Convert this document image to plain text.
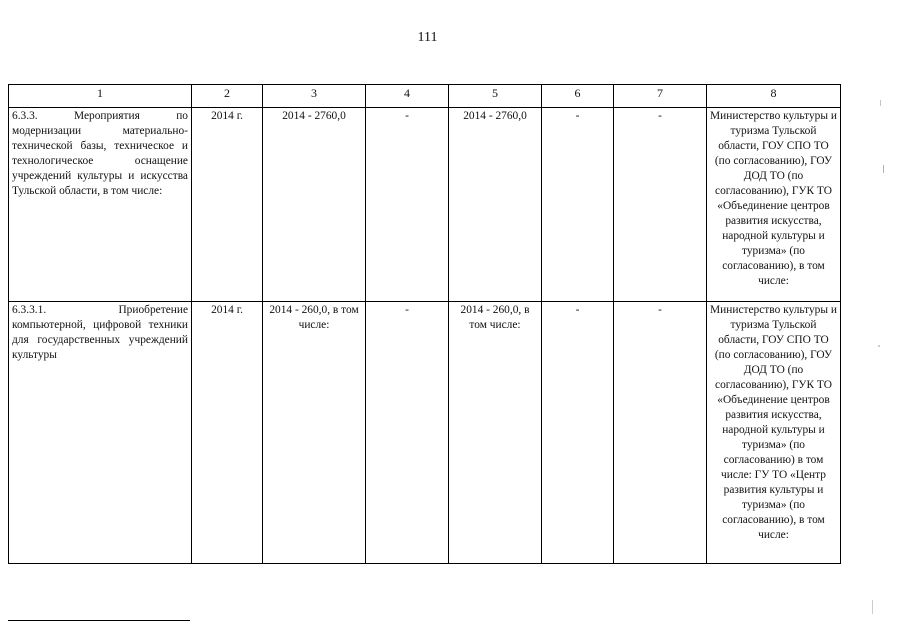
111
1	2	3	4	5	6	7	8
6.3.3. Мероприятия по модернизации материально-технической базы, техническое и технологическое оснащение учреждений культуры и искусства Тульской области, в том числе:	2014 г.	2014 - 2760,0	-	2014 - 2760,0	-	-	Министерство культуры и туризма Тульской области, ГОУ СПО ТО (по согласованию), ГОУ ДОД ТО (по согласованию), ГУК ТО «Объединение центров развития искусства, народной культуры и туризма» (по согласованию), в том числе:
6.3.3.1. Приобретение компьютерной, цифровой техники для государственных учреждений культуры	2014 г.	2014 - 260,0, в том числе:	-	2014 - 260,0, в том числе:	-	-	Министерство культуры и туризма Тульской области, ГОУ СПО ТО (по согласованию), ГОУ ДОД ТО (по согласованию), ГУК ТО «Объединение центров развития искусства, народной культуры и туризма» (по согласованию) в том числе: ГУ ТО «Центр развития культуры и туризма» (по согласованию), в том числе:
